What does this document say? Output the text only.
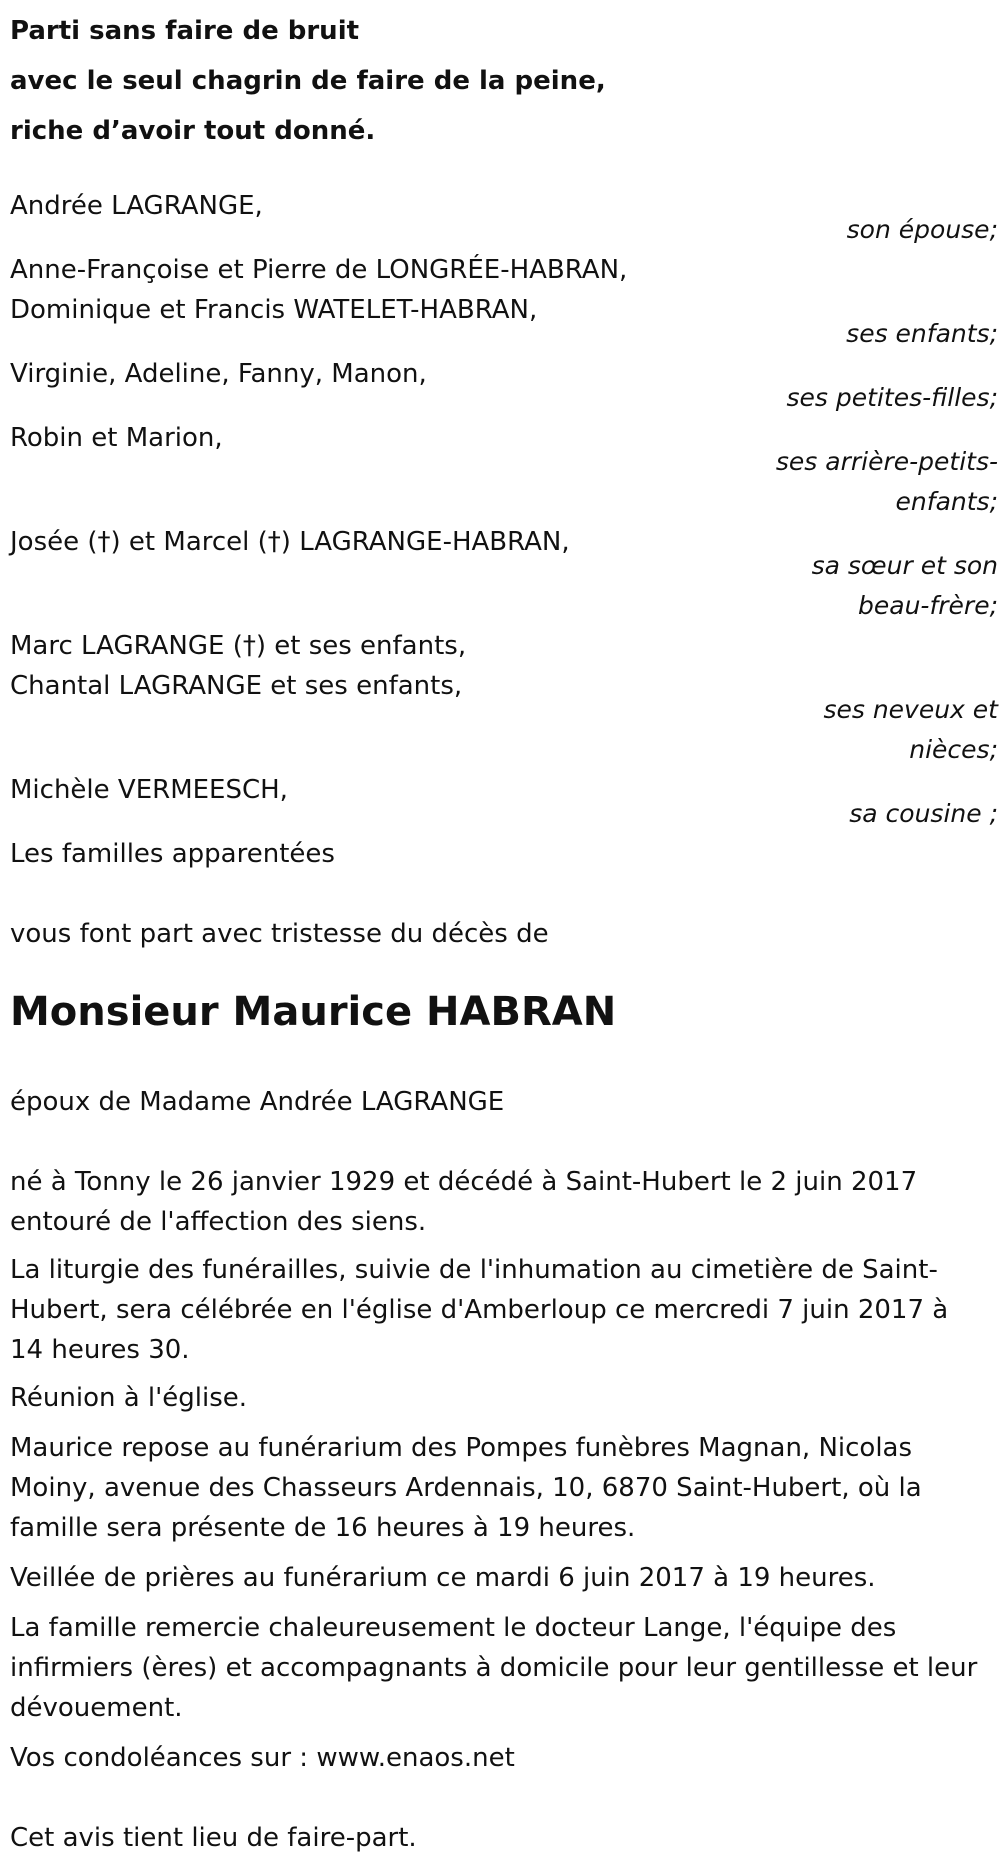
Parti sans faire de bruit
avec le seul chagrin de faire de la peine,
riche d’avoir tout donné.
Andrée LAGRANGE,
son épouse;
Anne-Françoise et Pierre de LONGRÉE-HABRAN,
Dominique et Francis WATELET-HABRAN,
ses enfants;
Virginie, Adeline, Fanny, Manon,
ses petites-filles;
Robin et Marion,
ses arrière-petits-
enfants;
Josée (†) et Marcel (†) LAGRANGE-HABRAN,
sa sœur et son
beau-frère;
Marc LAGRANGE (†) et ses enfants,
Chantal LAGRANGE et ses enfants,
ses neveux et
nièces;
Michèle VERMEESCH,
sa cousine ;
Les familles apparentées
vous font part avec tristesse du décès de
Monsieur Maurice HABRAN
époux de Madame Andrée LAGRANGE
né à Tonny le 26 janvier 1929 et décédé à Saint-Hubert le 2 juin 2017 entouré de l'affection des siens.
La liturgie des funérailles, suivie de l'inhumation au cimetière de Saint-Hubert, sera célébrée en l'église d'Amberloup ce mercredi 7 juin 2017 à 14 heures 30.
Réunion à l'église.
Maurice repose au funérarium des Pompes funèbres Magnan, Nicolas Moiny, avenue des Chasseurs Ardennais, 10, 6870 Saint-Hubert, où la famille sera présente de 16 heures à 19 heures.
Veillée de prières au funérarium ce mardi 6 juin 2017 à 19 heures.
La famille remercie chaleureusement le docteur Lange, l'équipe des infirmiers (ères) et accompagnants à domicile pour leur gentillesse et leur dévouement.
Vos condoléances sur : www.enaos.net
Cet avis tient lieu de faire-part.
